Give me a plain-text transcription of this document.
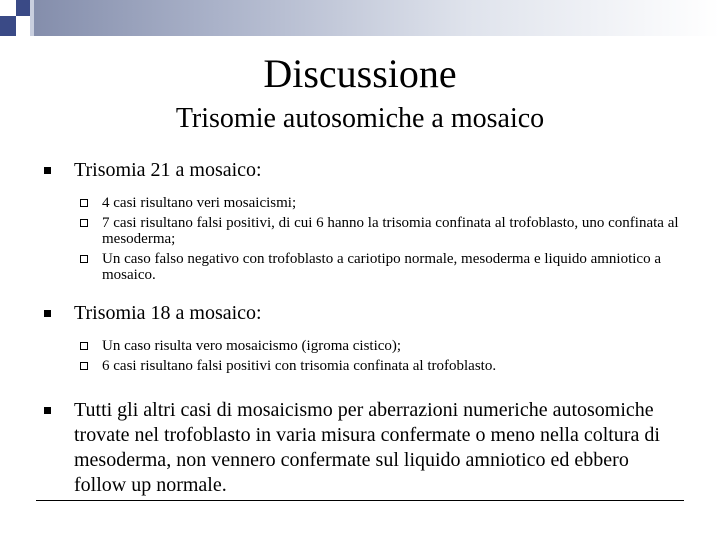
Discussione
Trisomie autosomiche a mosaico
Trisomia 21 a mosaico:
4 casi risultano veri mosaicismi;
7 casi risultano falsi positivi, di cui 6 hanno la trisomia confinata al trofoblasto, uno confinata al mesoderma;
Un caso falso negativo con trofoblasto a cariotipo normale, mesoderma e liquido amniotico a mosaico.
Trisomia 18 a mosaico:
Un caso risulta vero mosaicismo (igroma cistico);
6 casi risultano falsi positivi con trisomia confinata al trofoblasto.
Tutti gli altri casi di mosaicismo per aberrazioni numeriche autosomiche trovate nel trofoblasto in varia misura confermate o meno nella coltura di mesoderma, non vennero confermate sul liquido amniotico ed ebbero follow up normale.
